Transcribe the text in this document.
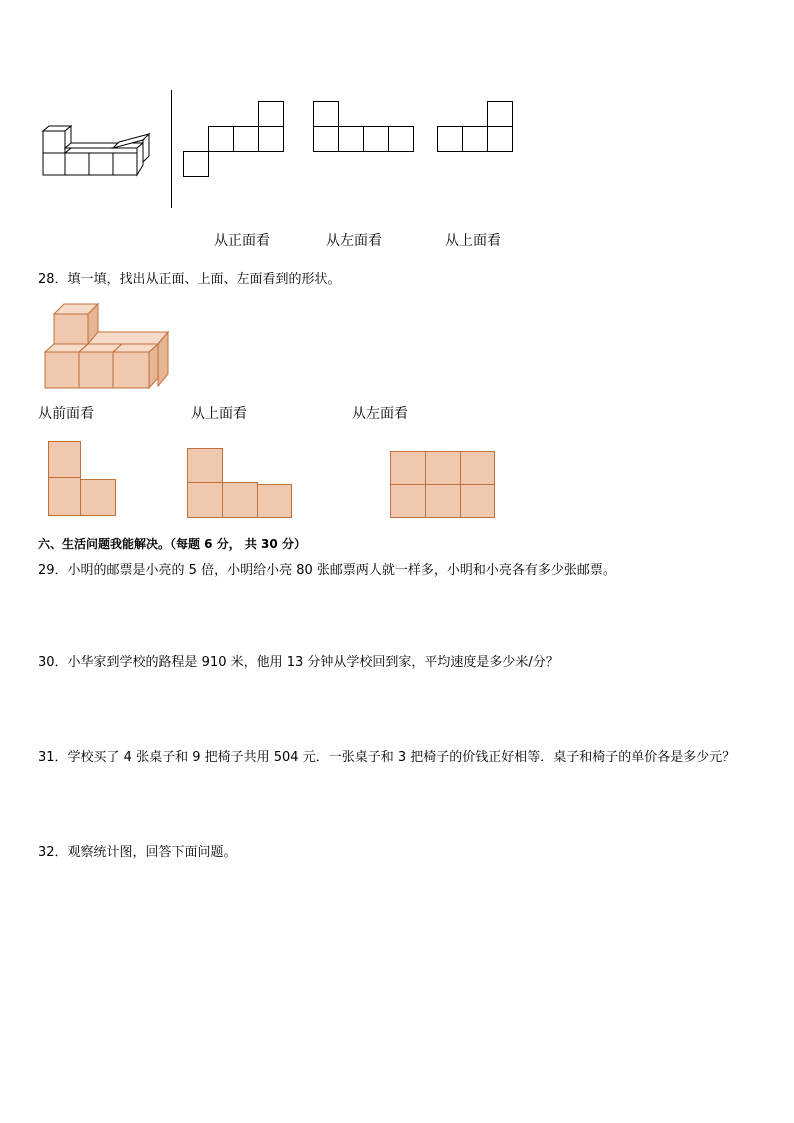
从正面看	从左面看	从上面看
28．填一填，找出从正面、上面、左面看到的形状。
从前面看	从上面看	从左面看
六、生活问题我能解决。（每题 6 分， 共 30 分）
29．小明的邮票是小亮的 5 倍，小明给小亮 80 张邮票两人就一样多，小明和小亮各有多少张邮票。
30．小华家到学校的路程是 910 米，他用 13 分钟从学校回到家，平均速度是多少米/分？
31．学校买了 4 张桌子和 9 把椅子共用 504 元．一张桌子和 3 把椅子的价钱正好相等．桌子和椅子的单价各是多少元？
32．观察统计图，回答下面问题。
